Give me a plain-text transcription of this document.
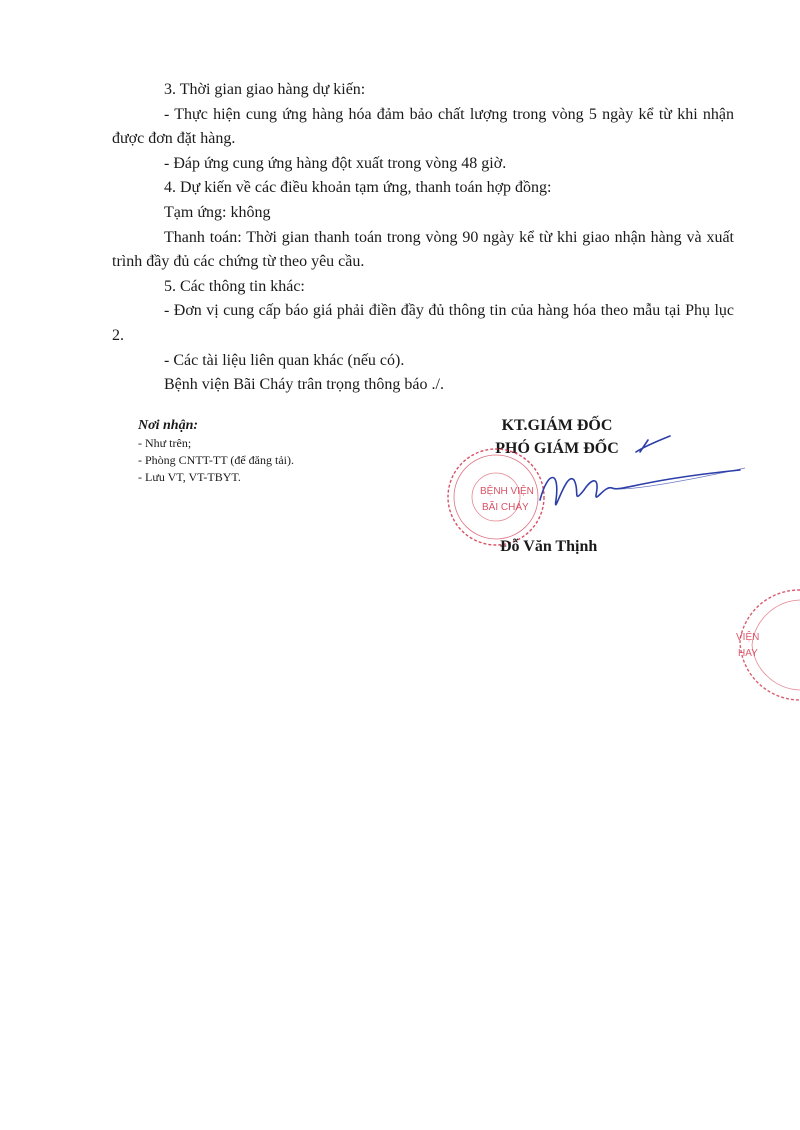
3. Thời gian giao hàng dự kiến:

- Thực hiện cung ứng hàng hóa đảm bảo chất lượng trong vòng 5 ngày kể từ khi nhận được đơn đặt hàng.

- Đáp ứng cung ứng hàng đột xuất trong vòng 48 giờ.

4. Dự kiến về các điều khoản tạm ứng, thanh toán hợp đồng:

Tạm ứng: không

Thanh toán: Thời gian thanh toán trong vòng 90 ngày kể từ khi giao nhận hàng và xuất trình đầy đủ các chứng từ theo yêu cầu.

5. Các thông tin khác:

- Đơn vị cung cấp báo giá phải điền đầy đủ thông tin của hàng hóa theo mẫu tại Phụ lục 2.

- Các tài liệu liên quan khác (nếu có).

Bệnh viện Bãi Cháy trân trọng thông báo ./.

Nơi nhận:
- Như trên;
- Phòng CNTT-TT (để đăng tải).
- Lưu VT, VT-TBYT.
KT.GIÁM ĐỐC
PHÓ GIÁM ĐỐC
BỆNH VIỆN
BÃI CHÁY
VIỆN
HAY
Đỗ Văn Thịnh
